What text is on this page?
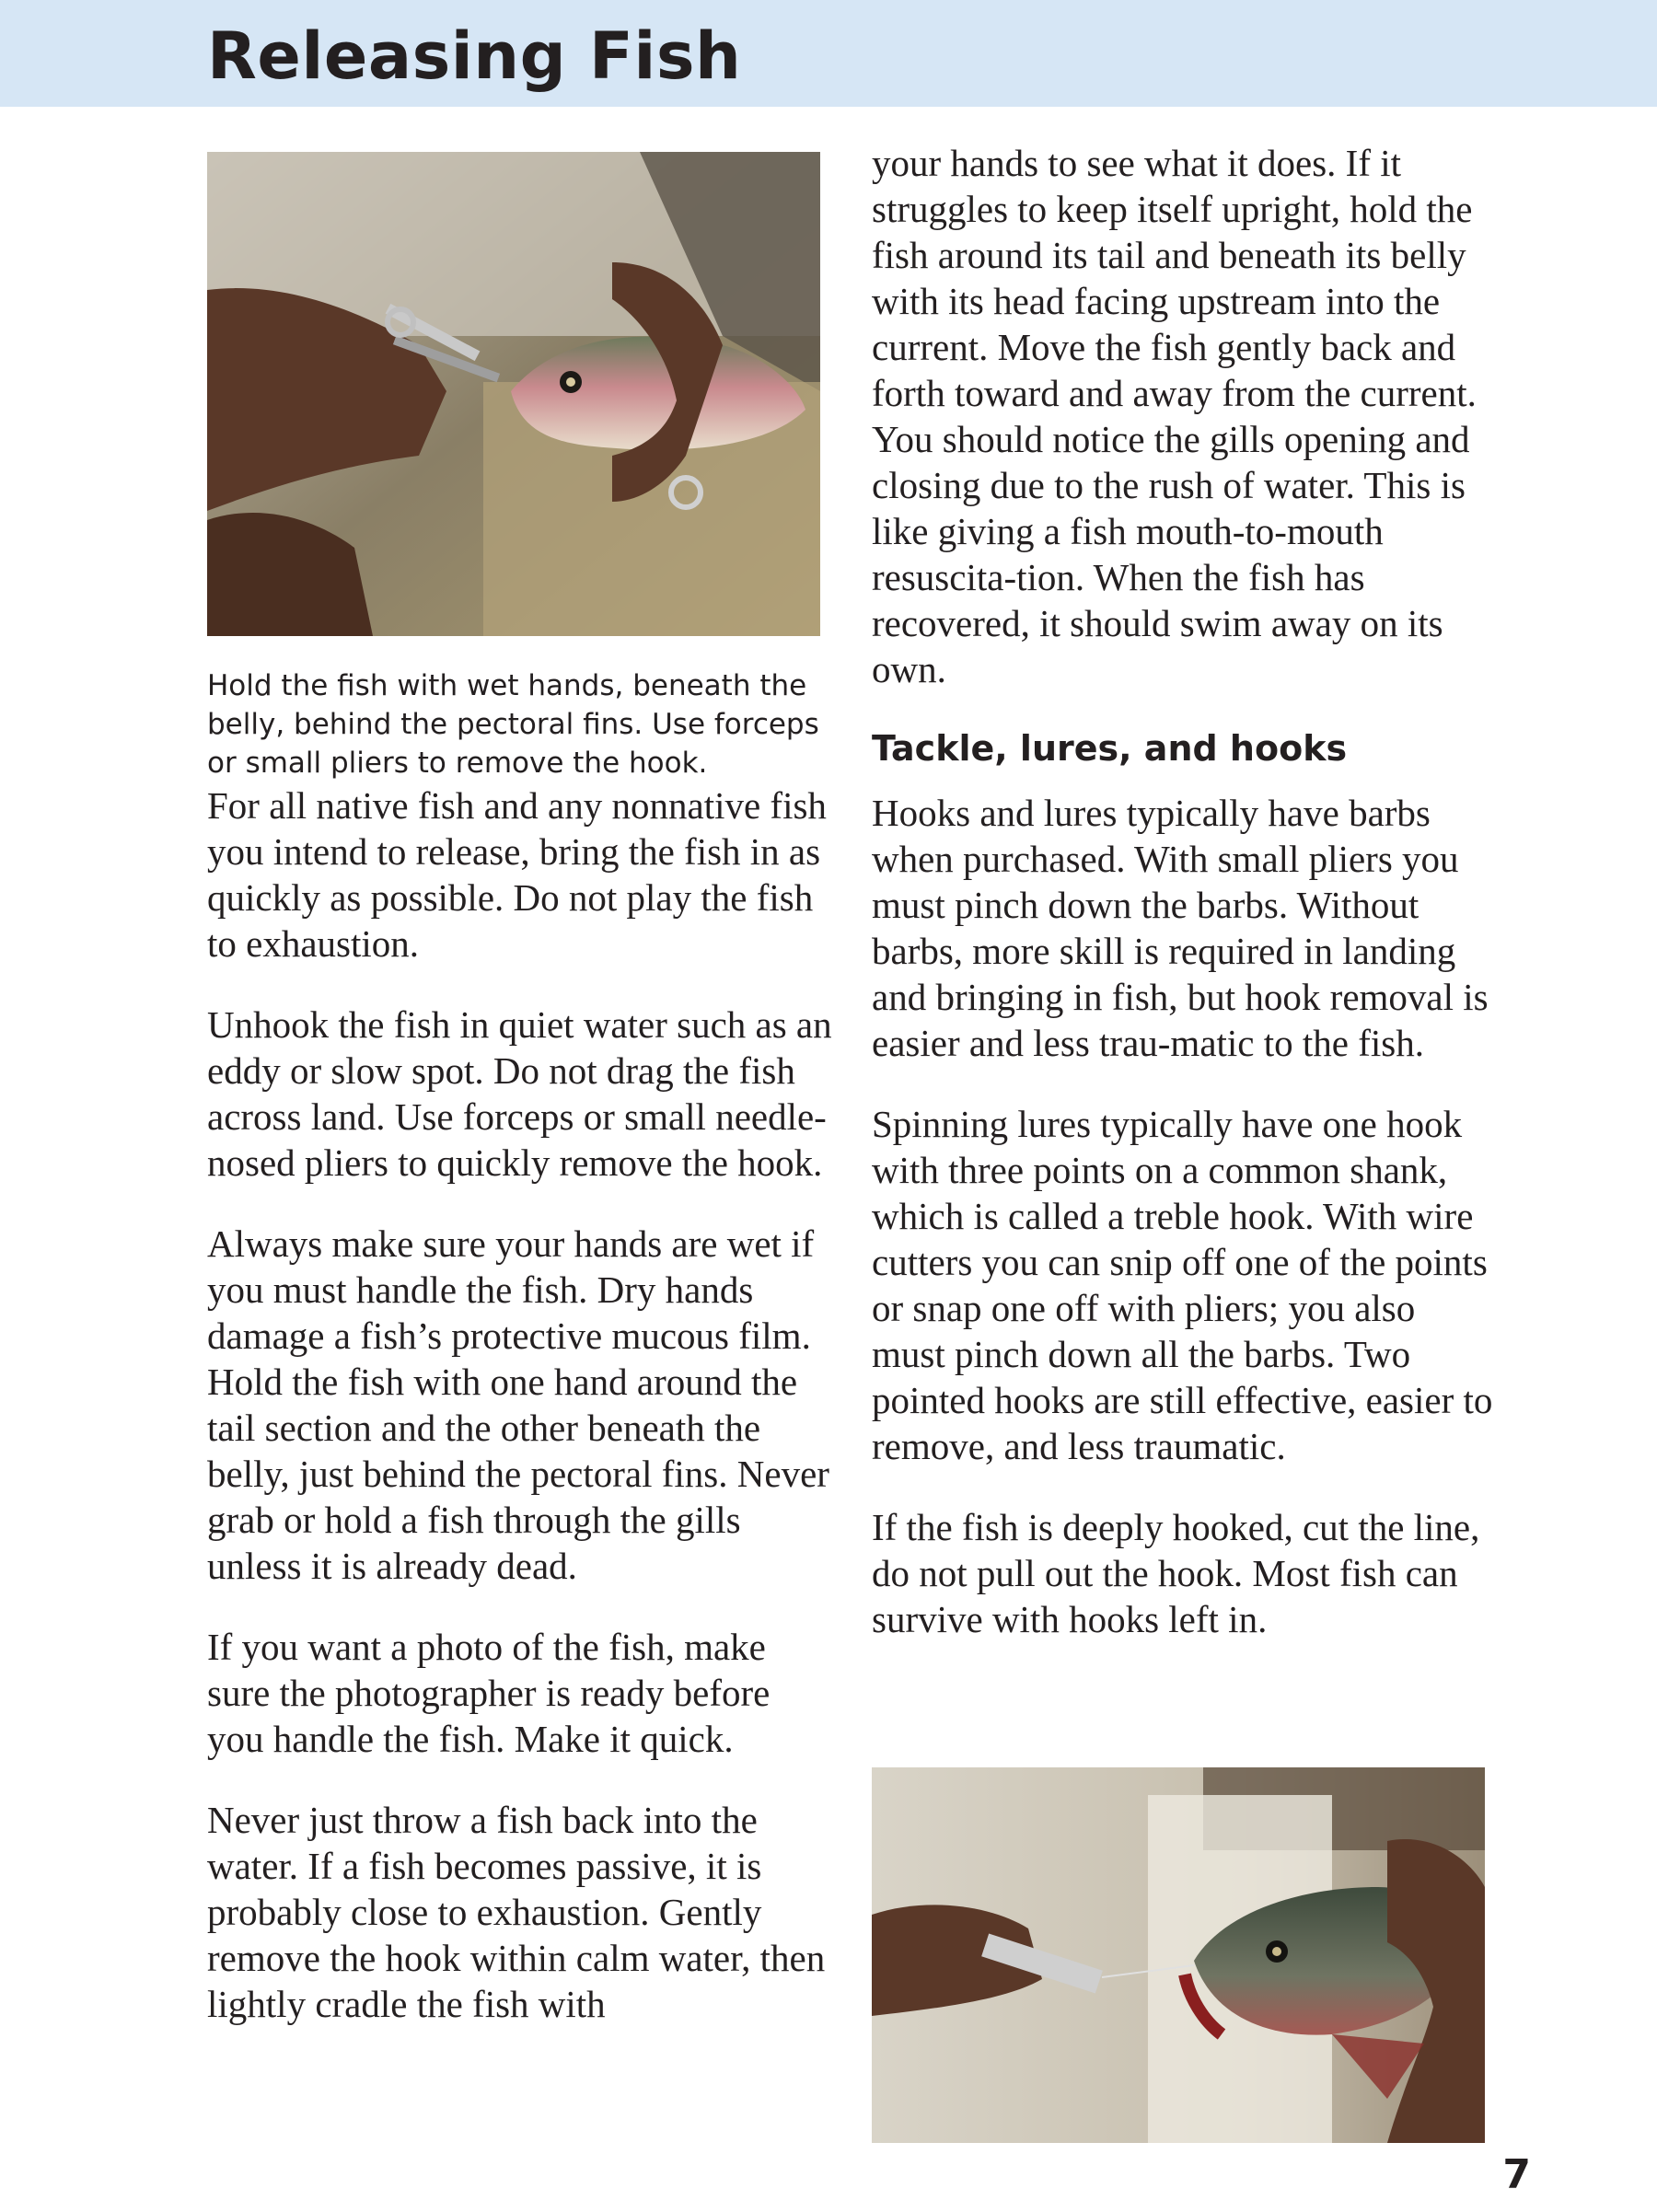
Releasing Fish

Hold the fish with wet hands, beneath the belly, behind the pectoral fins. Use forceps or small pliers to remove the hook.

For all native fish and any nonnative fish you intend to release, bring the fish in as quickly as possible. Do not play the fish to exhaustion.

Unhook the fish in quiet water such as an eddy or slow spot. Do not drag the fish across land. Use forceps or small needle-nosed pliers to quickly remove the hook.

Always make sure your hands are wet if you must handle the fish. Dry hands damage a fish’s protective mucous film. Hold the fish with one hand around the tail section and the other beneath the belly, just behind the pectoral fins. Never grab or hold a fish through the gills unless it is already dead.

If you want a photo of the fish, make sure the photographer is ready before you handle the fish. Make it quick.

Never just throw a fish back into the water. If a fish becomes passive, it is probably close to exhaustion. Gently remove the hook within calm water, then lightly cradle the fish with

your hands to see what it does. If it struggles to keep itself upright, hold the fish around its tail and beneath its belly with its head facing upstream into the current. Move the fish gently back and forth toward and away from the current. You should notice the gills opening and closing due to the rush of water. This is like giving a fish mouth-to-mouth resuscita-tion. When the fish has recovered, it should swim away on its own.

Tackle, lures, and hooks

Hooks and lures typically have barbs when purchased. With small pliers you must pinch down the barbs. Without barbs, more skill is required in landing and bringing in fish, but hook removal is easier and less trau-matic to the fish.

Spinning lures typically have one hook with three points on a common shank, which is called a treble hook. With wire cutters you can snip off one of the points or snap one off with pliers; you also must pinch down all the barbs. Two pointed hooks are still effective, easier to remove, and less traumatic.

If the fish is deeply hooked, cut the line, do not pull out the hook. Most fish can survive with hooks left in.

7
